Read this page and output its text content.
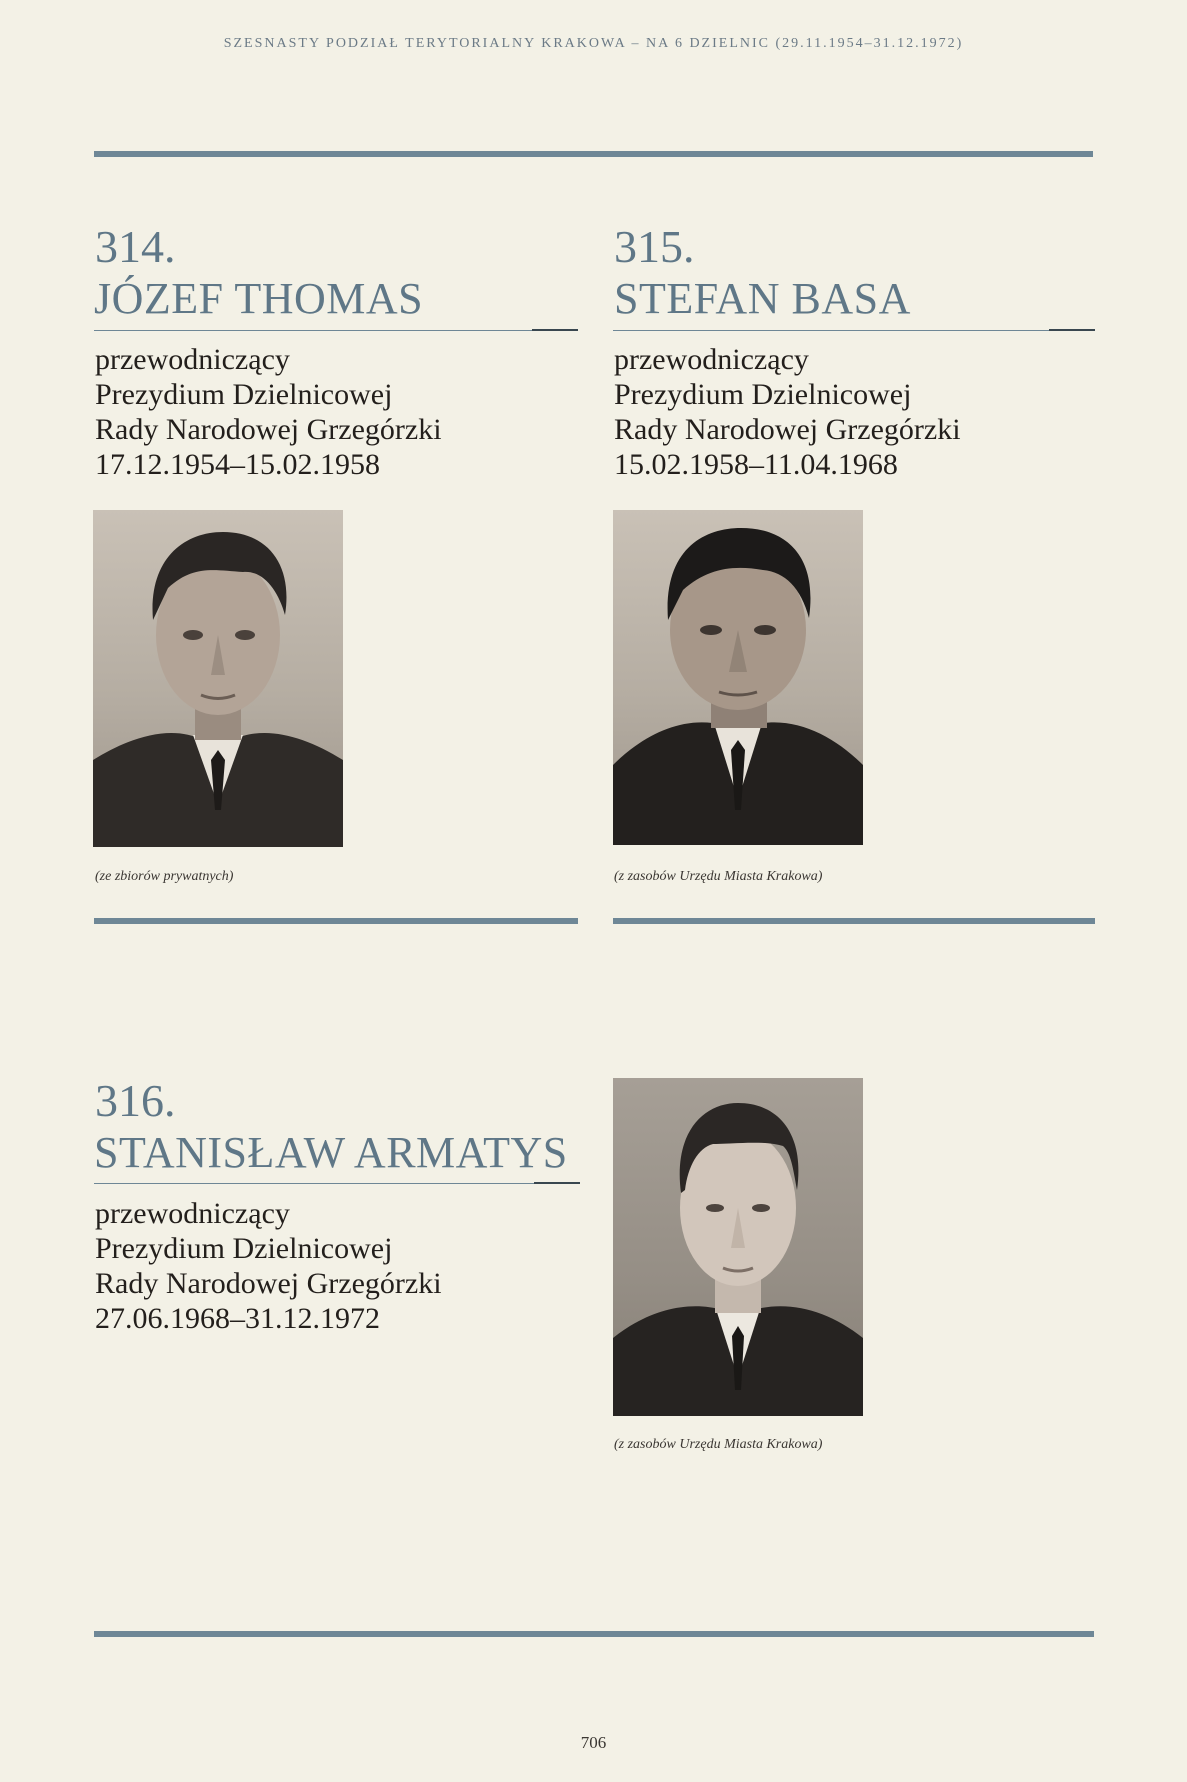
SZESNASTY PODZIAŁ TERYTORIALNY KRAKOWA – NA 6 DZIELNIC (29.11.1954–31.12.1972)
314.
JÓZEF THOMAS
przewodniczący
Prezydium Dzielnicowej
Rady Narodowej Grzegórzki
17.12.1954–15.02.1958
(ze zbiorów prywatnych)
315.
STEFAN BASA
przewodniczący
Prezydium Dzielnicowej
Rady Narodowej Grzegórzki
15.02.1958–11.04.1968
(z zasobów Urzędu Miasta Krakowa)
316.
STANISŁAW ARMATYS
przewodniczący
Prezydium Dzielnicowej
Rady Narodowej Grzegórzki
27.06.1968–31.12.1972
(z zasobów Urzędu Miasta Krakowa)
706
